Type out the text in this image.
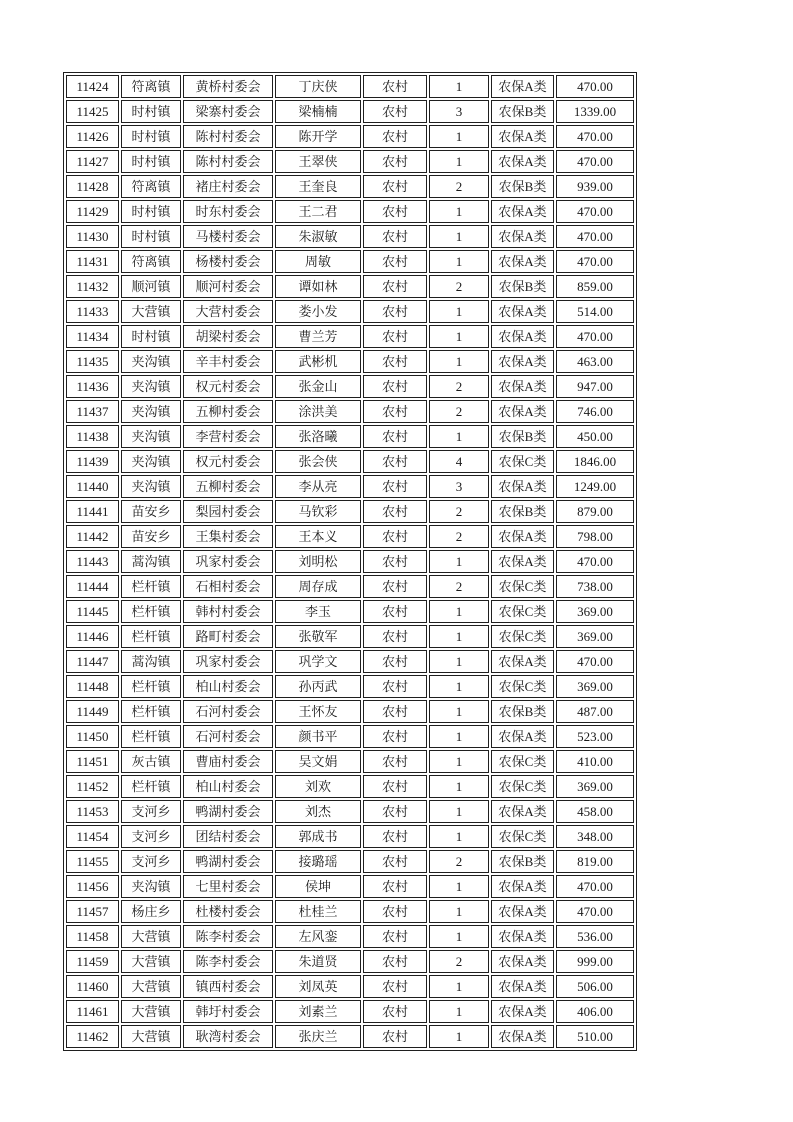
11424	符离镇	黄桥村委会	丁庆侠	农村	1	农保A类	470.00
11425	时村镇	梁寨村委会	梁楠楠	农村	3	农保B类	1339.00
11426	时村镇	陈村村委会	陈开学	农村	1	农保A类	470.00
11427	时村镇	陈村村委会	王翠侠	农村	1	农保A类	470.00
11428	符离镇	褚庄村委会	王奎良	农村	2	农保B类	939.00
11429	时村镇	时东村委会	王二君	农村	1	农保A类	470.00
11430	时村镇	马楼村委会	朱淑敏	农村	1	农保A类	470.00
11431	符离镇	杨楼村委会	周敏	农村	1	农保A类	470.00
11432	顺河镇	顺河村委会	谭如林	农村	2	农保B类	859.00
11433	大营镇	大营村委会	娄小发	农村	1	农保A类	514.00
11434	时村镇	胡梁村委会	曹兰芳	农村	1	农保A类	470.00
11435	夹沟镇	辛丰村委会	武彬机	农村	1	农保A类	463.00
11436	夹沟镇	权元村委会	张金山	农村	2	农保A类	947.00
11437	夹沟镇	五柳村委会	涂洪美	农村	2	农保A类	746.00
11438	夹沟镇	李营村委会	张洛曦	农村	1	农保B类	450.00
11439	夹沟镇	权元村委会	张会侠	农村	4	农保C类	1846.00
11440	夹沟镇	五柳村委会	李从亮	农村	3	农保A类	1249.00
11441	苗安乡	梨园村委会	马钦彩	农村	2	农保B类	879.00
11442	苗安乡	王集村委会	王本义	农村	2	农保A类	798.00
11443	蒿沟镇	巩家村委会	刘明松	农村	1	农保A类	470.00
11444	栏杆镇	石相村委会	周存成	农村	2	农保C类	738.00
11445	栏杆镇	韩村村委会	李玉	农村	1	农保C类	369.00
11446	栏杆镇	路町村委会	张敬军	农村	1	农保C类	369.00
11447	蒿沟镇	巩家村委会	巩学文	农村	1	农保A类	470.00
11448	栏杆镇	柏山村委会	孙丙武	农村	1	农保C类	369.00
11449	栏杆镇	石河村委会	王怀友	农村	1	农保B类	487.00
11450	栏杆镇	石河村委会	颜书平	农村	1	农保A类	523.00
11451	灰古镇	曹庙村委会	吴文娟	农村	1	农保C类	410.00
11452	栏杆镇	柏山村委会	刘欢	农村	1	农保C类	369.00
11453	支河乡	鸭湖村委会	刘杰	农村	1	农保A类	458.00
11454	支河乡	团结村委会	郭成书	农村	1	农保C类	348.00
11455	支河乡	鸭湖村委会	接璐瑶	农村	2	农保B类	819.00
11456	夹沟镇	七里村委会	侯坤	农村	1	农保A类	470.00
11457	杨庄乡	杜楼村委会	杜桂兰	农村	1	农保A类	470.00
11458	大营镇	陈李村委会	左风銮	农村	1	农保A类	536.00
11459	大营镇	陈李村委会	朱道贤	农村	2	农保A类	999.00
11460	大营镇	镇西村委会	刘凤英	农村	1	农保A类	506.00
11461	大营镇	韩圩村委会	刘素兰	农村	1	农保A类	406.00
11462	大营镇	耿湾村委会	张庆兰	农村	1	农保A类	510.00
